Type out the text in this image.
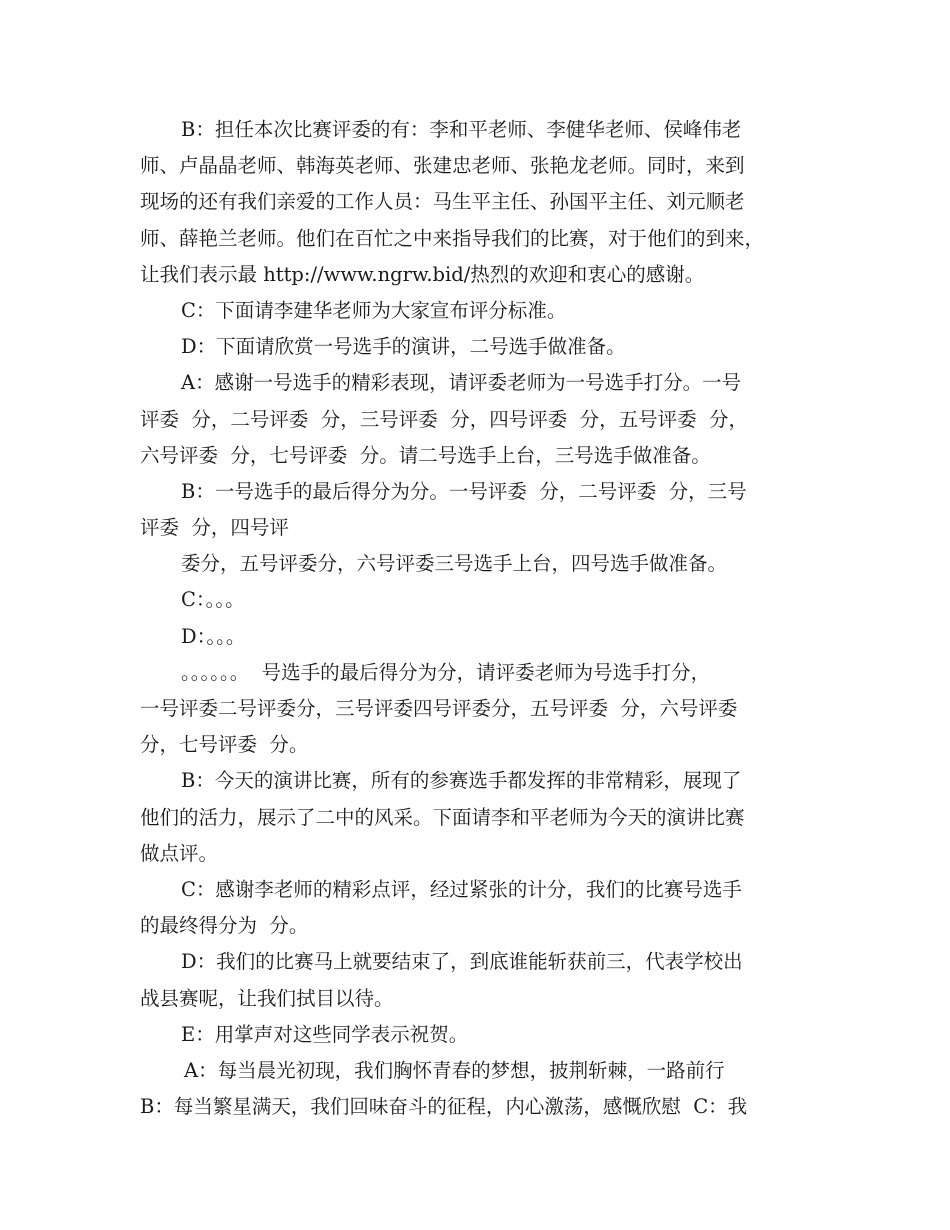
B：担任本次比赛评委的有：李和平老师、李健华老师、侯峰伟老
师、卢晶晶老师、韩海英老师、张建忠老师、张艳龙老师。同时，来到
现场的还有我们亲爱的工作人员：马生平主任、孙国平主任、刘元顺老
师、薛艳兰老师。他们在百忙之中来指导我们的比赛，对于他们的到来，
让我们表示最 http://www.ngrw.bid/热烈的欢迎和衷心的感谢。
C：下面请李建华老师为大家宣布评分标准。
D：下面请欣赏一号选手的演讲，二号选手做准备。
A：感谢一号选手的精彩表现，请评委老师为一号选手打分。一号
评委  分，二号评委  分，三号评委  分，四号评委  分，五号评委  分，
六号评委  分，七号评委  分。请二号选手上台，三号选手做准备。
B：一号选手的最后得分为分。一号评委  分，二号评委  分，三号
评委  分，四号评
委分，五号评委分，六号评委三号选手上台，四号选手做准备。
C：。。。
D：。。。
。。。。。。  号选手的最后得分为分，请评委老师为号选手打分，
一号评委二号评委分，三号评委四号评委分，五号评委  分，六号评委
分，七号评委  分。
B：今天的演讲比赛，所有的参赛选手都发挥的非常精彩，展现了
他们的活力，展示了二中的风采。下面请李和平老师为今天的演讲比赛
做点评。
C：感谢李老师的精彩点评，经过紧张的计分，我们的比赛号选手
的最终得分为  分。
D：我们的比赛马上就要结束了，到底谁能斩获前三，代表学校出
战县赛呢，让我们拭目以待。
E：用掌声对这些同学表示祝贺。
A：每当晨光初现，我们胸怀青春的梦想，披荆斩棘，一路前行
B：每当繁星满天，我们回味奋斗的征程，内心激荡，感慨欣慰  C：我
